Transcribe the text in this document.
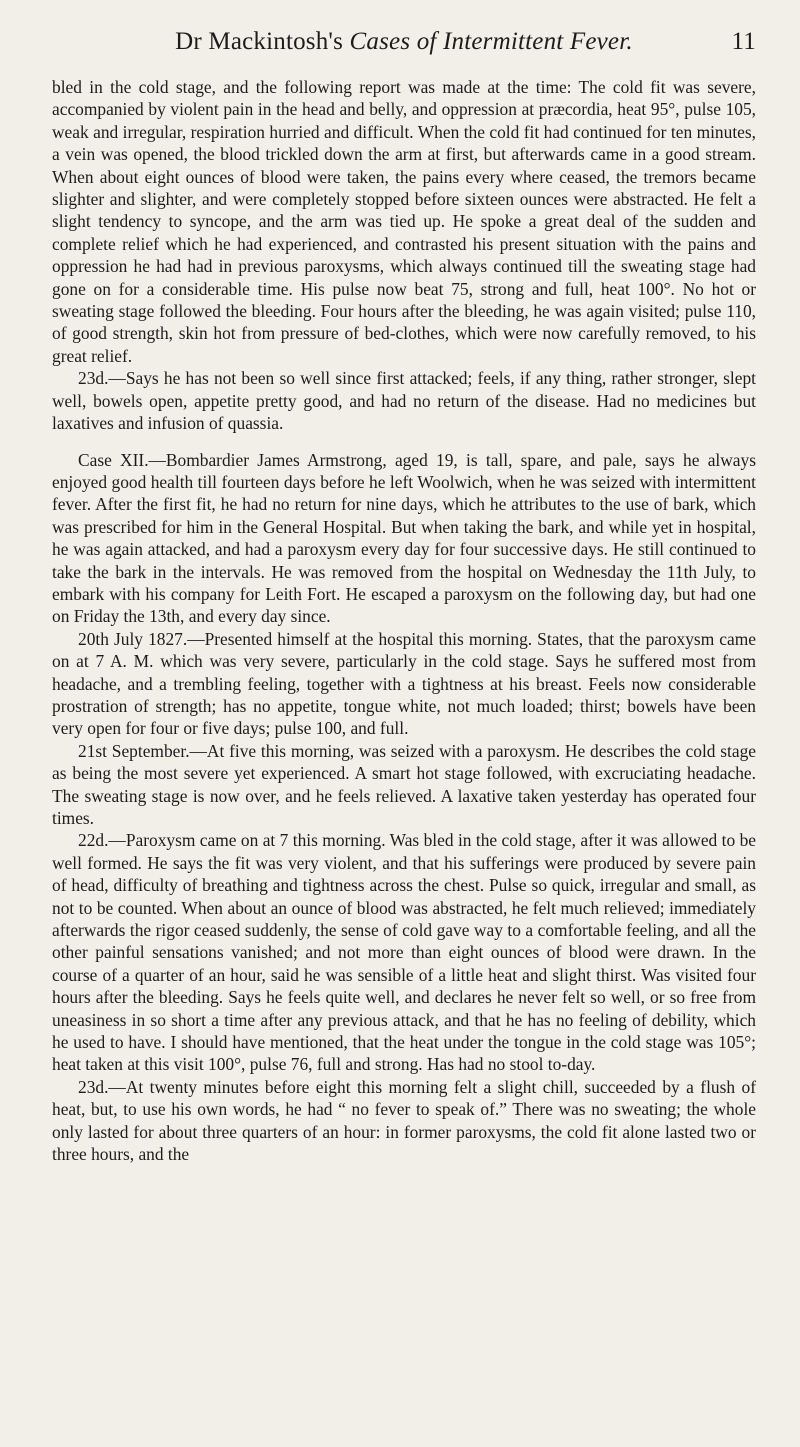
Dr Mackintosh's Cases of Intermittent Fever.	11

bled in the cold stage, and the following report was made at the time: The cold fit was severe, accompanied by violent pain in the head and belly, and oppression at præcordia, heat 95°, pulse 105, weak and irregular, respiration hurried and difficult. When the cold fit had continued for ten minutes, a vein was opened, the blood trickled down the arm at first, but afterwards came in a good stream. When about eight ounces of blood were taken, the pains every where ceased, the tremors became slighter and slighter, and were completely stopped before sixteen ounces were abstracted. He felt a slight tendency to syncope, and the arm was tied up. He spoke a great deal of the sudden and complete relief which he had experienced, and contrasted his present situation with the pains and oppression he had had in previous paroxysms, which always continued till the sweating stage had gone on for a considerable time. His pulse now beat 75, strong and full, heat 100°. No hot or sweating stage followed the bleeding. Four hours after the bleeding, he was again visited; pulse 110, of good strength, skin hot from pressure of bed-clothes, which were now carefully removed, to his great relief.

23d.—Says he has not been so well since first attacked; feels, if any thing, rather stronger, slept well, bowels open, appetite pretty good, and had no return of the disease. Had no medicines but laxatives and infusion of quassia.

Case XII.—Bombardier James Armstrong, aged 19, is tall, spare, and pale, says he always enjoyed good health till fourteen days before he left Woolwich, when he was seized with intermittent fever. After the first fit, he had no return for nine days, which he attributes to the use of bark, which was prescribed for him in the General Hospital. But when taking the bark, and while yet in hospital, he was again attacked, and had a paroxysm every day for four successive days. He still continued to take the bark in the intervals. He was removed from the hospital on Wednesday the 11th July, to embark with his company for Leith Fort. He escaped a paroxysm on the following day, but had one on Friday the 13th, and every day since.

20th July 1827.—Presented himself at the hospital this morning. States, that the paroxysm came on at 7 A. M. which was very severe, particularly in the cold stage. Says he suffered most from headache, and a trembling feeling, together with a tightness at his breast. Feels now considerable prostration of strength; has no appetite, tongue white, not much loaded; thirst; bowels have been very open for four or five days; pulse 100, and full.

21st September.—At five this morning, was seized with a paroxysm. He describes the cold stage as being the most severe yet experienced. A smart hot stage followed, with excruciating headache. The sweating stage is now over, and he feels relieved. A laxative taken yesterday has operated four times.

22d.—Paroxysm came on at 7 this morning. Was bled in the cold stage, after it was allowed to be well formed. He says the fit was very violent, and that his sufferings were produced by severe pain of head, difficulty of breathing and tightness across the chest. Pulse so quick, irregular and small, as not to be counted. When about an ounce of blood was abstracted, he felt much relieved; immediately afterwards the rigor ceased suddenly, the sense of cold gave way to a comfortable feeling, and all the other painful sensations vanished; and not more than eight ounces of blood were drawn. In the course of a quarter of an hour, said he was sensible of a little heat and slight thirst. Was visited four hours after the bleeding. Says he feels quite well, and declares he never felt so well, or so free from uneasiness in so short a time after any previous attack, and that he has no feeling of debility, which he used to have. I should have mentioned, that the heat under the tongue in the cold stage was 105°; heat taken at this visit 100°, pulse 76, full and strong. Has had no stool to-day.

23d.—At twenty minutes before eight this morning felt a slight chill, succeeded by a flush of heat, but, to use his own words, he had “ no fever to speak of.” There was no sweating; the whole only lasted for about three quarters of an hour: in former paroxysms, the cold fit alone lasted two or three hours, and the
